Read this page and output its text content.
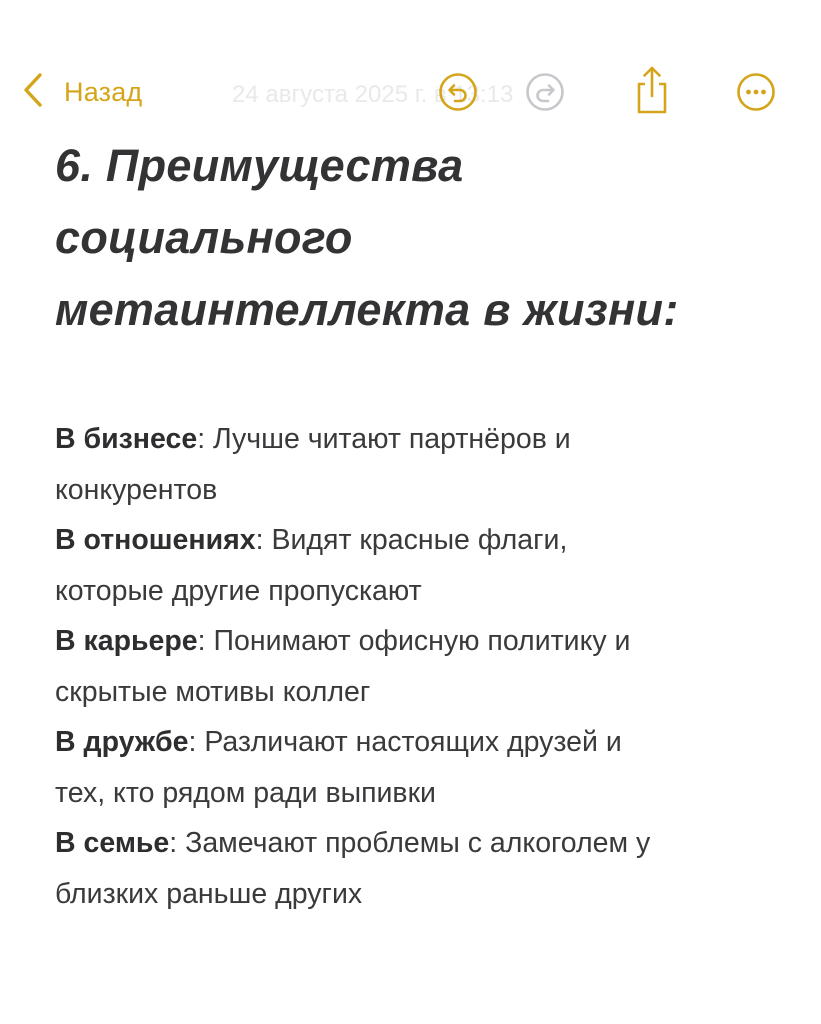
Назад	24 августа 2025 г. в 13:13
6. Преимущества
социального
метаинтеллекта в жизни:
В бизнесе: Лучше читают партнёров и
конкурентов
В отношениях: Видят красные флаги,
которые другие пропускают
В карьере: Понимают офисную политику и
скрытые мотивы коллег
В дружбе: Различают настоящих друзей и
тех, кто рядом ради выпивки
В семье: Замечают проблемы с алкоголем у
близких раньше других
